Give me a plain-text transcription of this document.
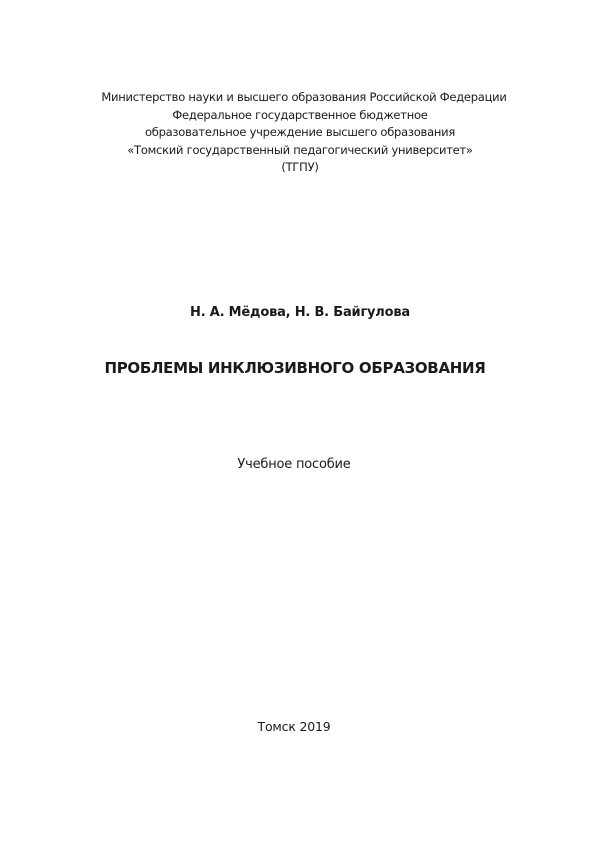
Министерство науки и высшего образования Российской Федерации
Федеральное государственное бюджетное
образовательное учреждение высшего образования
«Томский государственный педагогический университет»
(ТГПУ)
Н. А. Мёдова, Н. В. Байгулова
ПРОБЛЕМЫ ИНКЛЮЗИВНОГО ОБРАЗОВАНИЯ
Учебное пособие
Томск 2019
